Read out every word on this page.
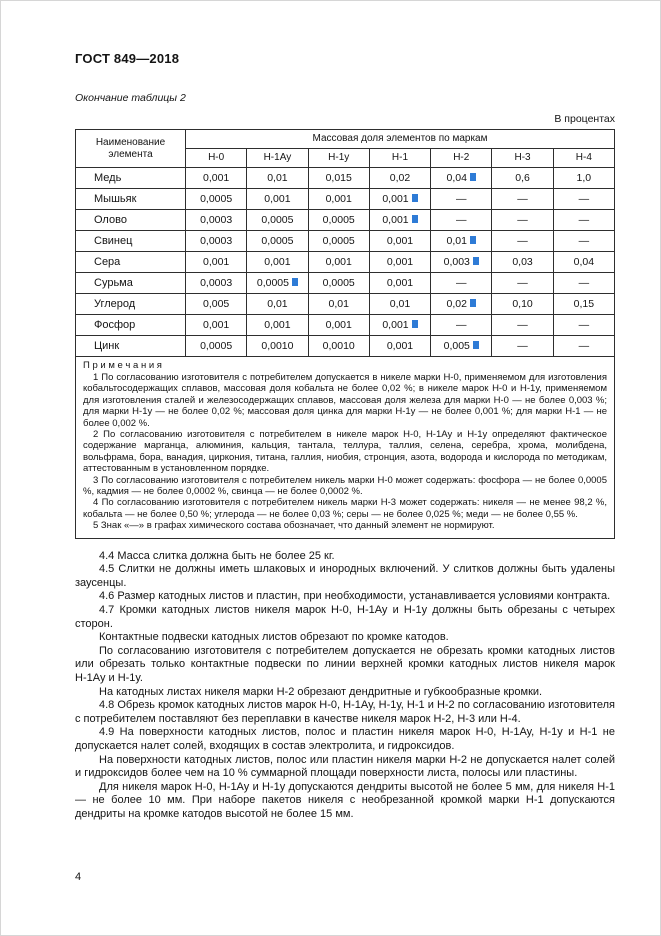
ГОСТ 849—2018
Окончание таблицы 2
В процентах
Наименование элемента	Массовая доля элементов по маркам						
	Н-0	Н-1Ау	Н-1у	Н-1	Н-2	Н-3	Н-4
Медь	0,001	0,01	0,015	0,02	0,04	0,6	1,0
Мышьяк	0,0005	0,001	0,001	0,001	—	—	—
Олово	0,0003	0,0005	0,0005	0,001	—	—	—
Свинец	0,0003	0,0005	0,0005	0,001	0,01	—	—
Сера	0,001	0,001	0,001	0,001	0,003	0,03	0,04
Сурьма	0,0003	0,0005	0,0005	0,001	—	—	—
Углерод	0,005	0,01	0,01	0,01	0,02	0,10	0,15
Фосфор	0,001	0,001	0,001	0,001	—	—	—
Цинк	0,0005	0,0010	0,0010	0,001	0,005	—	—

П р и м е ч а н и я

1 По согласованию изготовителя с потребителем допускается в никеле марки Н-0, применяемом для изготовления кобальтосодержащих сплавов, массовая доля кобальта не более 0,02 %; в никеле марок Н-0 и Н-1у, применяемом для изготовления сталей и железосодержащих сплавов, массовая доля железа для марки Н-0 — не более 0,003 %; для марки Н-1у — не более 0,02 %; массовая доля цинка для марки Н-1у — не более 0,001 %; для марки Н-1 — не более 0,002 %.

2 По согласованию изготовителя с потребителем в никеле марок Н-0, Н-1Ау и Н-1у определяют фактическое содержание марганца, алюминия, кальция, тантала, теллура, таллия, селена, серебра, хрома, молибдена, вольфрама, бора, ванадия, циркония, титана, галлия, ниобия, стронция, азота, водорода и кислорода по методикам, аттестованным в установленном порядке.

3 По согласованию изготовителя с потребителем никель марки Н-0 может содержать: фосфора — не более 0,0005 %, кадмия — не более 0,0002 %, свинца — не более 0,0002 %.

4 По согласованию изготовителя с потребителем никель марки Н-3 может содержать: никеля — не менее 98,2 %, кобальта — не более 0,50 %; углерода — не более 0,03 %; серы — не более 0,025 %; меди — не более 0,55 %.

5 Знак «—» в графах химического состава обозначает, что данный элемент не нормируют.

4.4 Масса слитка должна быть не более 25 кг.

4.5 Слитки не должны иметь шлаковых и инородных включений. У слитков должны быть удалены заусенцы.

4.6 Размер катодных листов и пластин, при необходимости, устанавливается условиями контракта.

4.7 Кромки катодных листов никеля марок Н-0, Н-1Ау и Н-1у должны быть обрезаны с четырех сторон.

Контактные подвески катодных листов обрезают по кромке катодов.

По согласованию изготовителя с потребителем допускается не обрезать кромки катодных листов или обрезать только контактные подвески по линии верхней кромки катодных листов никеля марок Н-1Ау и Н-1у.

На катодных листах никеля марки Н-2 обрезают дендритные и губкообразные кромки.

4.8 Обрезь кромок катодных листов марок Н-0, Н-1Ау, Н-1у, Н-1 и Н-2 по согласованию изготовителя с потребителем поставляют без переплавки в качестве никеля марок Н-2, Н-3 или Н-4.

4.9 На поверхности катодных листов, полос и пластин никеля марок Н-0, Н-1Ау, Н-1у и Н-1 не допускается налет солей, входящих в состав электролита, и гидроксидов.

На поверхности катодных листов, полос или пластин никеля марки Н-2 не допускается налет солей и гидроксидов более чем на 10 % суммарной площади поверхности листа, полосы или пластины.

Для никеля марок Н-0, Н-1Ау и Н-1у допускаются дендриты высотой не более 5 мм, для никеля Н-1 — не более 10 мм. При наборе пакетов никеля с необрезанной кромкой марки Н-1 допускаются дендриты на кромке катодов высотой не более 15 мм.

4
